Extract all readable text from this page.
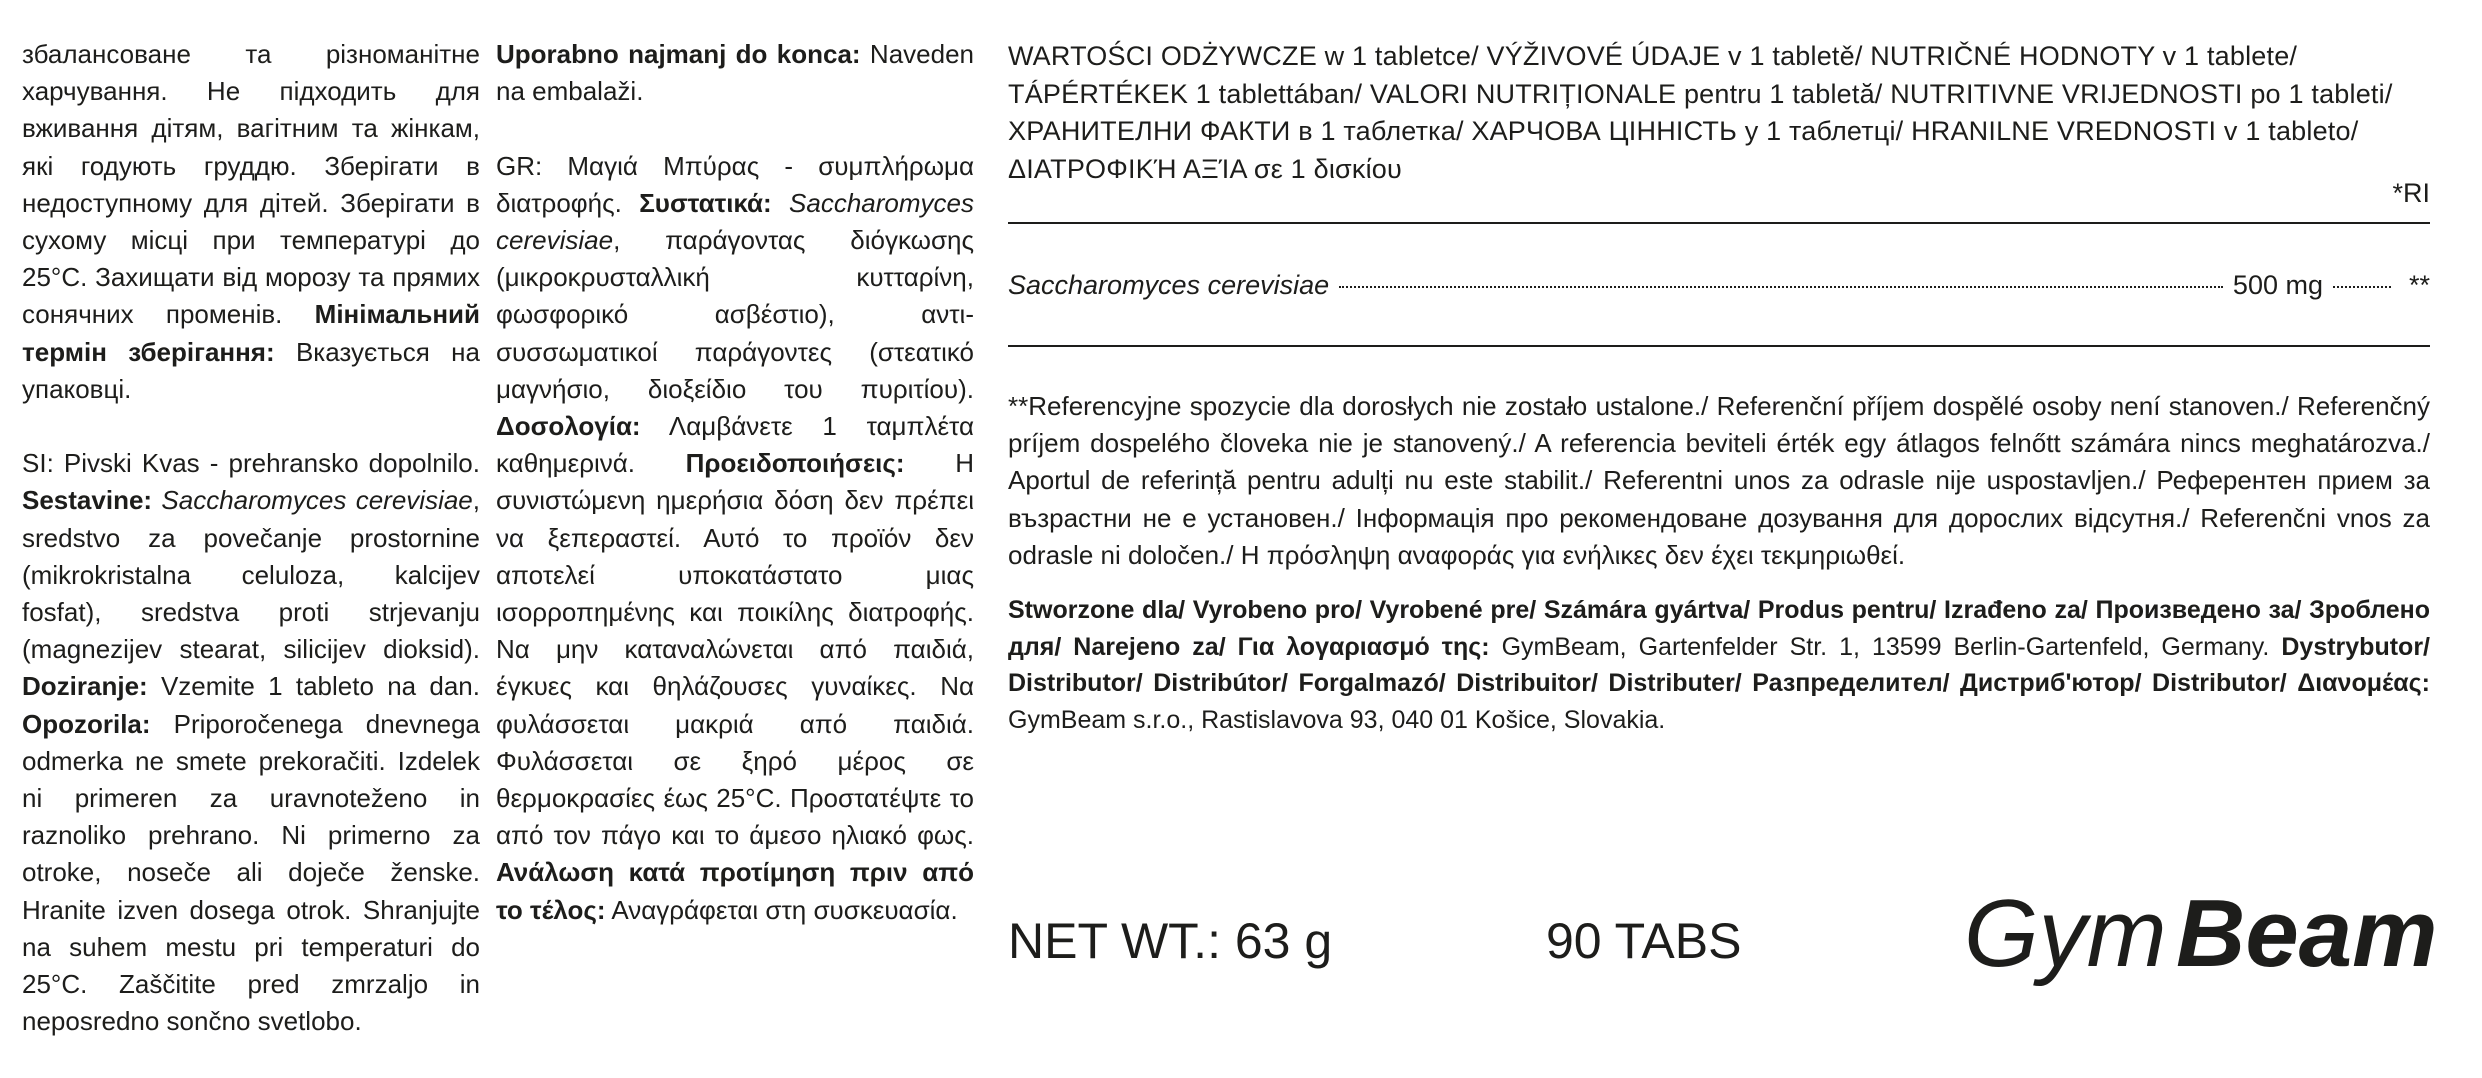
збалансоване та різноманітне харчування. Не підходить для вживання дітям, вагітним та жінкам, які годують груддю. Зберігати в недоступному для дітей. Зберігати в сухому місці при температурі до 25°C. Захищати від морозу та прямих сонячних променів. Мінімальний термін зберігання: Вказується на упаковці.

SI: Pivski Kvas - prehransko dopolnilo. Sestavine: Saccharomyces cerevisiae, sredstvo za povečanje prostornine (mikrokristalna celuloza, kalcijev fosfat), sredstva proti strjevanju (magnezijev stearat, silicijev dioksid). Doziranje: Vzemite 1 tableto na dan. Opozorila: Priporočenega dnevnega odmerka ne smete prekoračiti. Izdelek ni primeren za uravnoteženo in raznoliko prehrano. Ni primerno za otroke, noseče ali doječe ženske. Hranite izven dosega otrok. Shranjujte na suhem mestu pri temperaturi do 25°C. Zaščitite pred zmrzaljo in neposredno sončno svetlobo.

Uporabno najmanj do konca: Naveden na embalaži.

GR: Μαγιά Μπύρας - συμπλήρωμα διατροφής. Συστατικά: Saccharomyces cerevisiae, παράγοντας διόγκωσης (μικροκρυσταλλική κυτταρίνη, φωσφορικό ασβέστιο), αντι-συσσωματικοί παράγοντες (στεατικό μαγνήσιο, διοξείδιο του πυριτίου). Δοσολογία: Λαμβάνετε 1 ταμπλέτα καθημερινά. Προειδοποιήσεις: Η συνιστώμενη ημερήσια δόση δεν πρέπει να ξεπεραστεί. Αυτό το προϊόν δεν αποτελεί υποκατάστατο μιας ισορροπημένης και ποικίλης διατροφής. Να μην καταναλώνεται από παιδιά, έγκυες και θηλάζουσες γυναίκες. Να φυλάσσεται μακριά από παιδιά. Φυλάσσεται σε ξηρό μέρος σε θερμοκρασίες έως 25°C. Προστατέψτε το από τον πάγο και το άμεσο ηλιακό φως. Ανάλωση κατά προτίμηση πριν από το τέλος: Αναγράφεται στη συσκευασία.

WARTOŚCI ODŻYWCZE w 1 tabletce/ VÝŽIVOVÉ ÚDAJE v 1 tabletě/ NUTRIČNÉ HODNOTY v 1 tablete/ TÁPÉRTÉKEK 1 tablettában/ VALORI NUTRIȚIONALE pentru 1 tabletă/ NUTRITIVNE VRIJEDNOSTI po 1 tableti/ ХРАНИТЕЛНИ ФАКТИ в 1 таблетка/ ХАРЧОВА ЦІННІСТЬ у 1 таблетці/ HRANILNE VREDNOSTI v 1 tableto/ ΔΙΑΤΡΟΦΙΚΉ ΑΞΊΑ σε 1 δισκίου
*RI
Saccharomyces cerevisiae	500 mg	**
**Referencyjne spozycie dla dorosłych nie zostało ustalone./ Referenční příjem dospělé osoby není stanoven./ Referenčný príjem dospelého človeka nie je stanovený./ A referencia beviteli érték egy átlagos felnőtt számára nincs meghatározva./ Aportul de referință pentru adulți nu este stabilit./ Referentni unos za odrasle nije uspostavljen./ Референтен прием за възрастни не е установен./ Інформація про рекомендоване дозування для дорослих відсутня./ Referenčni vnos za odrasle ni določen./ Η πρόσληψη αναφοράς για ενήλικες δεν έχει τεκμηριωθεί.
Stworzone dla/ Vyrobeno pro/ Vyrobené pre/ Számára gyártva/ Produs pentru/ Izrađeno za/ Произведено за/ Зроблено для/ Narejeno za/ Για λογαριασμό της: GymBeam, Gartenfelder Str. 1, 13599 Berlin-Gartenfeld, Germany. Dystrybutor/ Distributor/ Distribútor/ Forgalmazó/ Distribuitor/ Distributer/ Разпределител/ Дистриб'ютор/ Distributor/ Διανομέας: GymBeam s.r.o., Rastislavova 93, 040 01 Košice, Slovakia.
NET WT.: 63 g	90 TABS Gym Beam
